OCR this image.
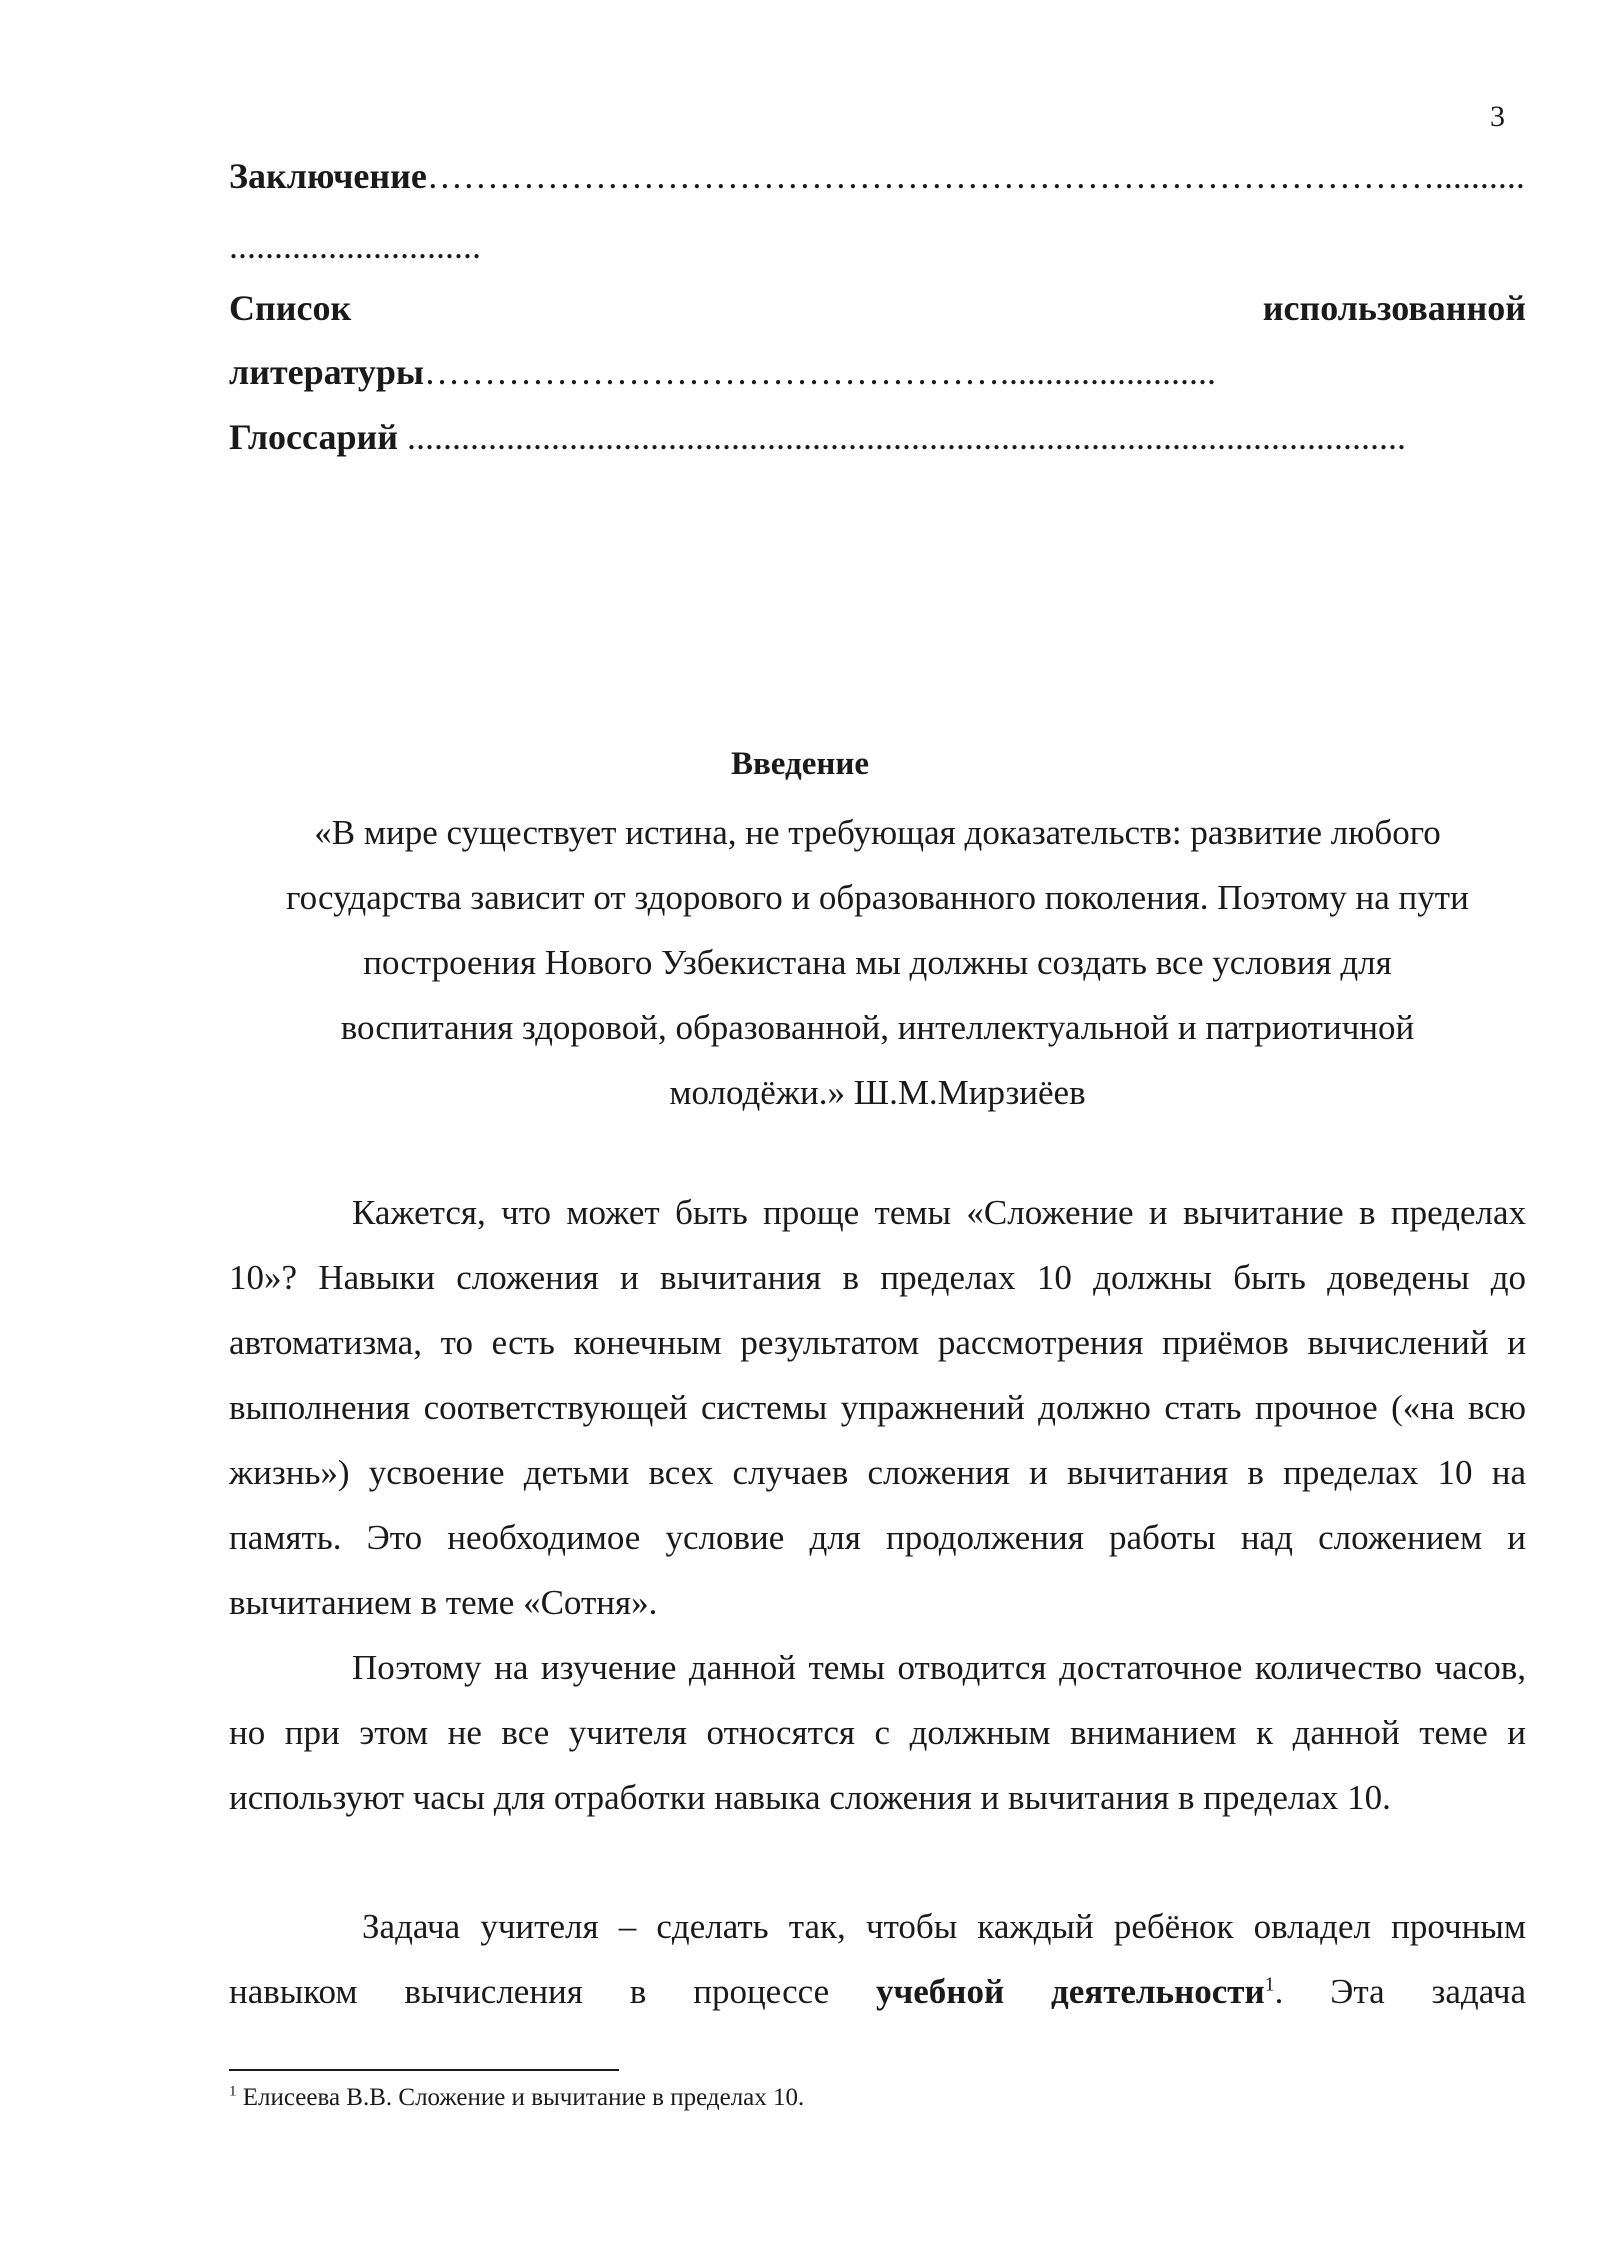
3
Заключение…………………………………………………………………………..........
............................
Список	использованной
литературы…………………………………………........................
Глоссарий ...............................................................................................................
Введение
«В мире существует истина, не требующая доказательств: развитие любого
государства зависит от здорового и образованного поколения. Поэтому на пути
построения Нового Узбекистана мы должны создать все условия для
воспитания здоровой, образованной, интеллектуальной и патриотичной
молодёжи.» Ш.М.Мирзиёев

Кажется, что может быть проще темы «Сложение и вычитание в пределах 10»? Навыки сложения и вычитания в пределах 10 должны быть доведены до автоматизма, то есть конечным результатом рассмотрения приёмов вычислений и выполнения соответствующей системы упражнений должно стать прочное («на всю жизнь») усвоение детьми всех случаев сложения и вычитания в пределах 10 на память. Это необходимое условие для продолжения работы над сложением и вычитанием в теме «Сотня».

Поэтому на изучение данной темы отводится достаточное количество часов, но при этом не все учителя относятся с должным вниманием к данной теме и используют часы для отработки навыка сложения и вычитания в пределах 10.

Задача учителя – сделать так, чтобы каждый ребёнок овладел прочным навыком вычисления в процессе учебной деятельности$^1$. Эта задача

$^1$ Елисеева В.В. Сложение и вычитание в пределах 10.
